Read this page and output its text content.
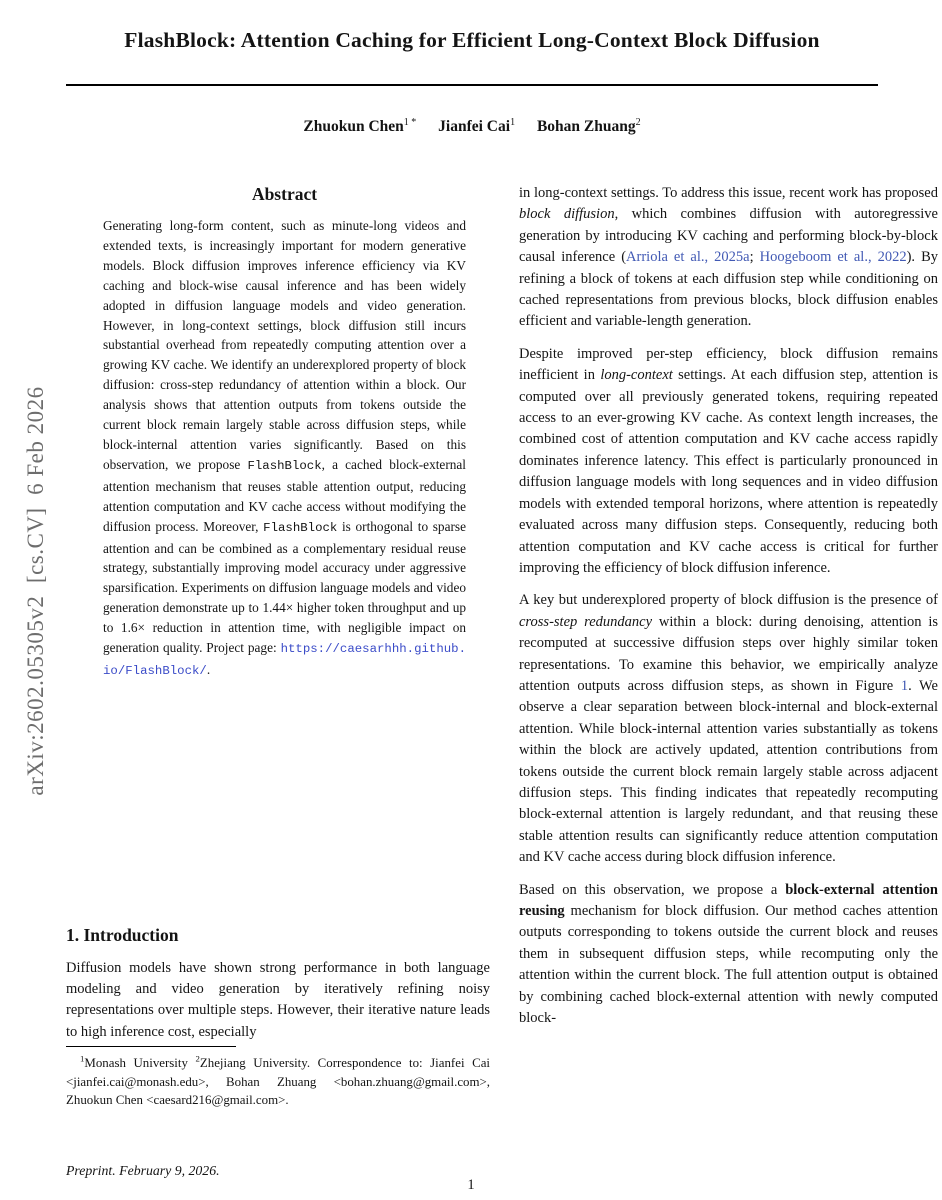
arXiv:2602.05305v2  [cs.CV]  6 Feb 2026
FlashBlock: Attention Caching for Efficient Long-Context Block Diffusion
Zhuokun Chen$^{1 *}$ Jianfei Cai$^1$ Bohan Zhuang$^2$
Abstract
Generating long-form content, such as minute-long videos and extended texts, is increasingly important for modern generative models. Block diffusion improves inference efficiency via KV caching and block-wise causal inference and has been widely adopted in diffusion language models and video generation. However, in long-context settings, block diffusion still incurs substantial overhead from repeatedly computing attention over a growing KV cache. We identify an underexplored property of block diffusion: cross-step redundancy of attention within a block. Our analysis shows that attention outputs from tokens outside the current block remain largely stable across diffusion steps, while block-internal attention varies significantly. Based on this observation, we propose FlashBlock, a cached block-external attention mechanism that reuses stable attention output, reducing attention computation and KV cache access without modifying the diffusion process. Moreover, FlashBlock is orthogonal to sparse attention and can be combined as a complementary residual reuse strategy, substantially improving model accuracy under aggressive sparsification. Experiments on diffusion language models and video generation demonstrate up to 1.44× higher token throughput and up to 1.6× reduction in attention time, with negligible impact on generation quality. Project page: https://caesarhhh.github.io/FlashBlock/.
1. Introduction

Diffusion models have shown strong performance in both language modeling and video generation by iteratively refining noisy representations over multiple steps. However, their iterative nature leads to high inference cost, especially

in long-context settings. To address this issue, recent work has proposed block diffusion, which combines diffusion with autoregressive generation by introducing KV caching and performing block-by-block causal inference (Arriola et al., 2025a; Hoogeboom et al., 2022). By refining a block of tokens at each diffusion step while conditioning on cached representations from previous blocks, block diffusion enables efficient and variable-length generation.

Despite improved per-step efficiency, block diffusion remains inefficient in long-context settings. At each diffusion step, attention is computed over all previously generated tokens, requiring repeated access to an ever-growing KV cache. As context length increases, the combined cost of attention computation and KV cache access rapidly dominates inference latency. This effect is particularly pronounced in diffusion language models with long sequences and in video diffusion models with extended temporal horizons, where attention is repeatedly evaluated across many diffusion steps. Consequently, reducing both attention computation and KV cache access is critical for further improving the efficiency of block diffusion inference.

A key but underexplored property of block diffusion is the presence of cross-step redundancy within a block: during denoising, attention is recomputed at successive diffusion steps over highly similar token representations. To examine this behavior, we empirically analyze attention outputs across diffusion steps, as shown in Figure 1. We observe a clear separation between block-internal and block-external attention. While block-internal attention varies substantially as tokens within the block are actively updated, attention contributions from tokens outside the current block remain largely stable across adjacent diffusion steps. This finding indicates that repeatedly recomputing block-external attention is largely redundant, and that reusing these stable attention results can significantly reduce attention computation and KV cache access during block diffusion inference.

Based on this observation, we propose a block-external attention reusing mechanism for block diffusion. Our method caches attention outputs corresponding to tokens outside the current block and reuses them in subsequent diffusion steps, while recomputing only the attention within the current block. The full attention output is obtained by combining cached block-external attention with newly computed block-

$^1$Monash University $^2$Zhejiang University. Correspondence to: Jianfei Cai <jianfei.cai@monash.edu>, Bohan Zhuang <bohan.zhuang@gmail.com>, Zhuokun Chen <caesard216@gmail.com>.

Preprint. February 9, 2026.
1
